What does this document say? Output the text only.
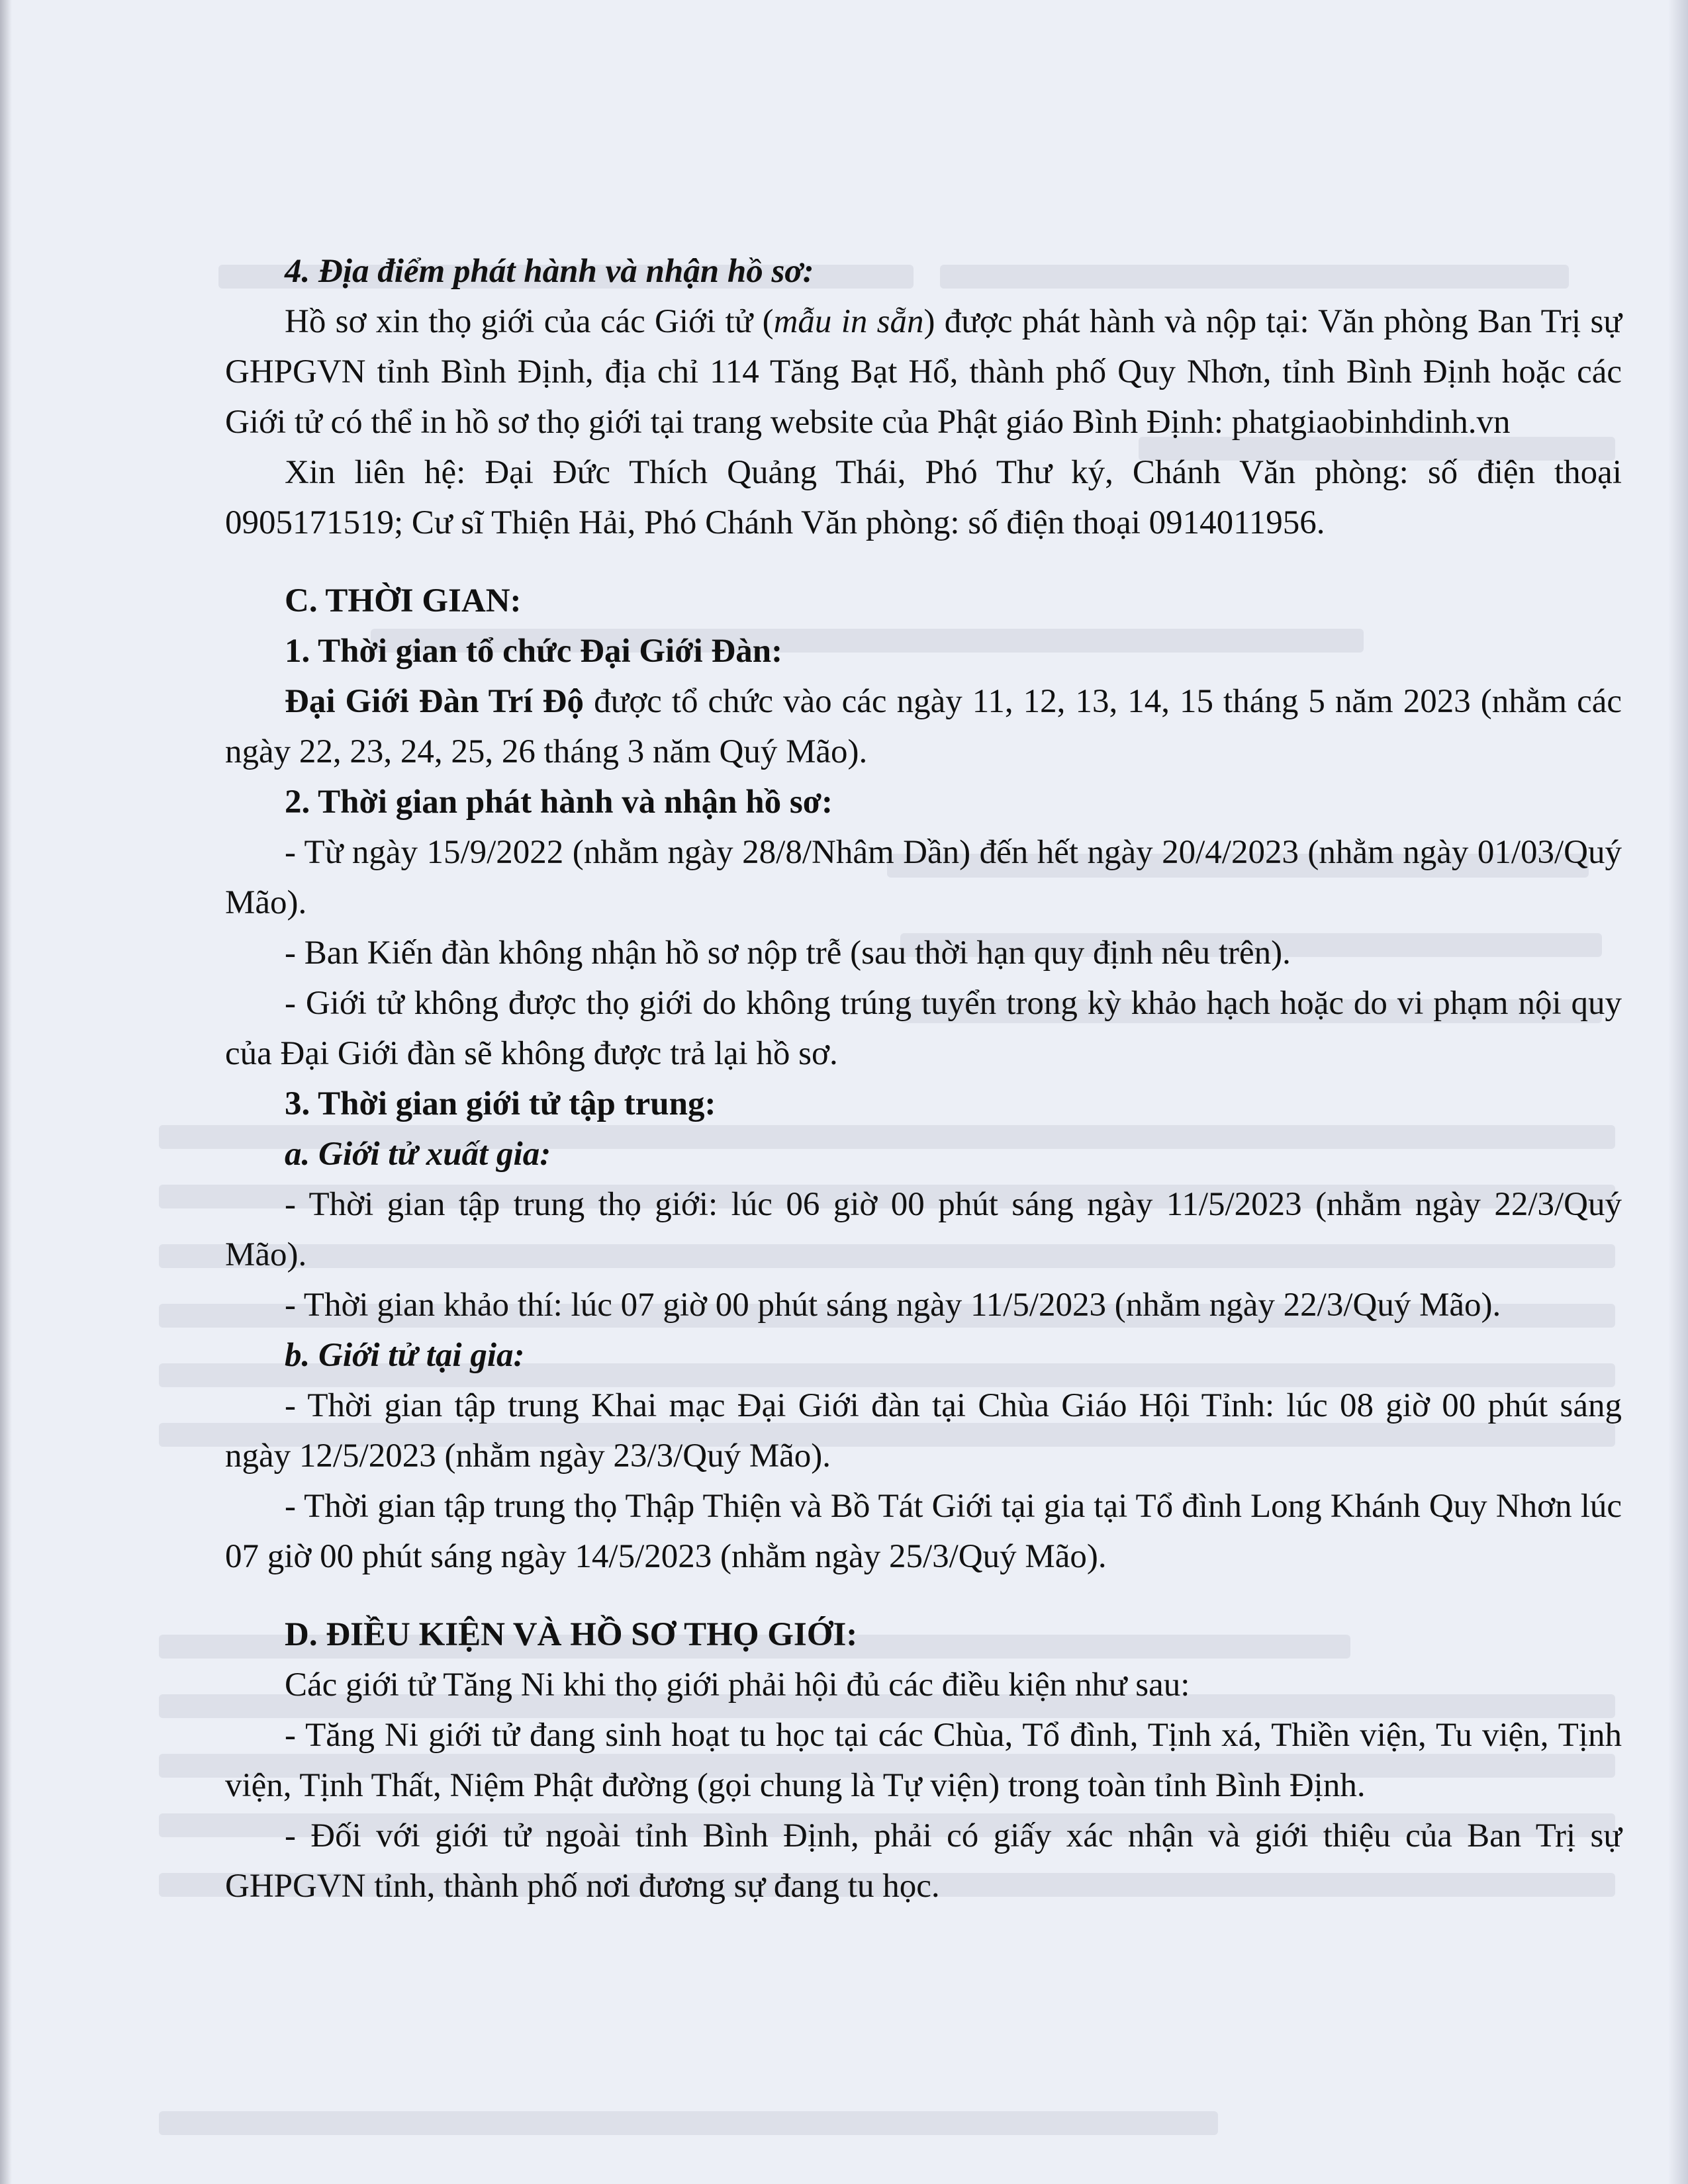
4. Địa điểm phát hành và nhận hồ sơ:

Hồ sơ xin thọ giới của các Giới tử (mẫu in sẵn) được phát hành và nộp tại: Văn phòng Ban Trị sự GHPGVN tỉnh Bình Định, địa chỉ 114 Tăng Bạt Hổ, thành phố Quy Nhơn, tỉnh Bình Định hoặc các Giới tử có thể in hồ sơ thọ giới tại trang website của Phật giáo Bình Định: phatgiaobinhdinh.vn

Xin liên hệ: Đại Đức Thích Quảng Thái, Phó Thư ký, Chánh Văn phòng: số điện thoại 0905171519; Cư sĩ Thiện Hải, Phó Chánh Văn phòng: số điện thoại 0914011956.

C. THỜI GIAN:

1. Thời gian tổ chức Đại Giới Đàn:

Đại Giới Đàn Trí Độ được tổ chức vào các ngày 11, 12, 13, 14, 15 tháng 5 năm 2023 (nhằm các ngày 22, 23, 24, 25, 26 tháng 3 năm Quý Mão).

2. Thời gian phát hành và nhận hồ sơ:

- Từ ngày 15/9/2022 (nhằm ngày 28/8/Nhâm Dần) đến hết ngày 20/4/2023 (nhằm ngày 01/03/Quý Mão).

- Ban Kiến đàn không nhận hồ sơ nộp trễ (sau thời hạn quy định nêu trên).

- Giới tử không được thọ giới do không trúng tuyển trong kỳ khảo hạch hoặc do vi phạm nội quy của Đại Giới đàn sẽ không được trả lại hồ sơ.

3. Thời gian giới tử tập trung:

a. Giới tử xuất gia:

- Thời gian tập trung thọ giới: lúc 06 giờ 00 phút sáng ngày 11/5/2023 (nhằm ngày 22/3/Quý Mão).

- Thời gian khảo thí: lúc 07 giờ 00 phút sáng ngày 11/5/2023 (nhằm ngày 22/3/Quý Mão).

b. Giới tử tại gia:

- Thời gian tập trung Khai mạc Đại Giới đàn tại Chùa Giáo Hội Tỉnh: lúc 08 giờ 00 phút sáng ngày 12/5/2023 (nhằm ngày 23/3/Quý Mão).

- Thời gian tập trung thọ Thập Thiện và Bồ Tát Giới tại gia tại Tổ đình Long Khánh Quy Nhơn lúc 07 giờ 00 phút sáng ngày 14/5/2023 (nhằm ngày 25/3/Quý Mão).

D. ĐIỀU KIỆN VÀ HỒ SƠ THỌ GIỚI:

Các giới tử Tăng Ni khi thọ giới phải hội đủ các điều kiện như sau:

- Tăng Ni giới tử đang sinh hoạt tu học tại các Chùa, Tổ đình, Tịnh xá, Thiền viện, Tu viện, Tịnh viện, Tịnh Thất, Niệm Phật đường (gọi chung là Tự viện) trong toàn tỉnh Bình Định.

- Đối với giới tử ngoài tỉnh Bình Định, phải có giấy xác nhận và giới thiệu của Ban Trị sự GHPGVN tỉnh, thành phố nơi đương sự đang tu học.
